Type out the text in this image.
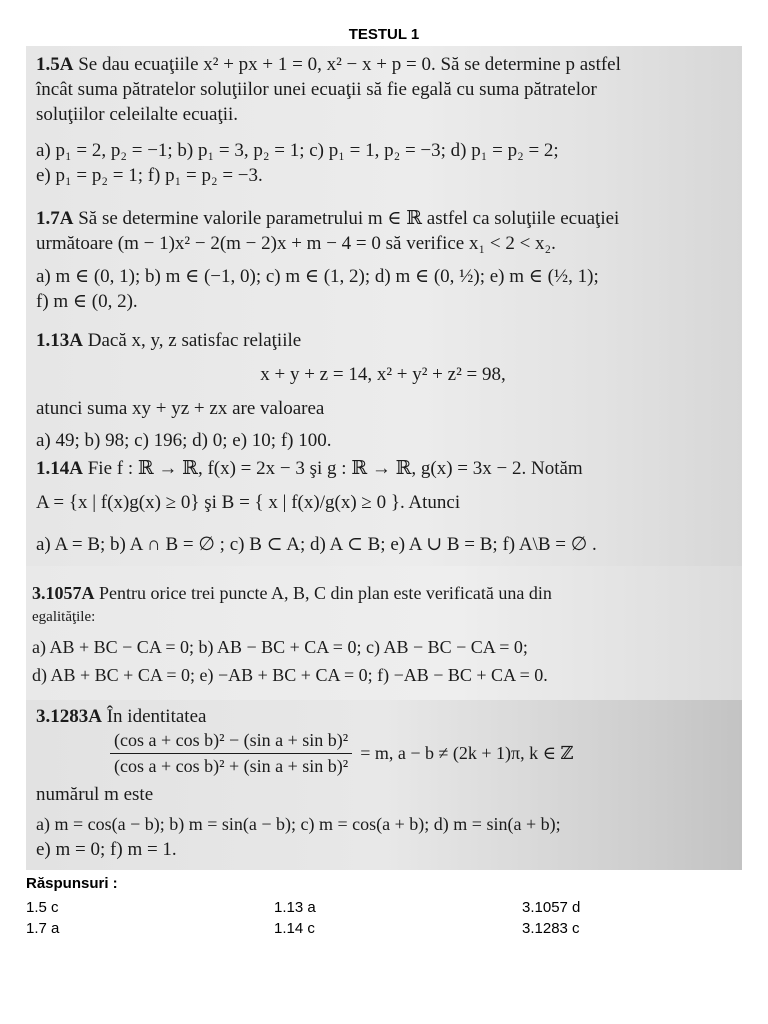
TESTUL 1
1.5A Se dau ecuaţiile x² + px + 1 = 0, x² − x + p = 0. Să se determine p astfel
încât suma pătratelor soluţiilor unei ecuaţii să fie egală cu suma pătratelor
soluţiilor celeilalte ecuaţii.
a) p₁ = 2, p₂ = −1; b) p₁ = 3, p₂ = 1; c) p₁ = 1, p₂ = −3; d) p₁ = p₂ = 2;
e) p₁ = p₂ = 1; f) p₁ = p₂ = −3.
1.7A Să se determine valorile parametrului m ∈ ℝ astfel ca soluţiile ecuaţiei
următoare (m − 1)x² − 2(m − 2)x + m − 4 = 0 să verifice x₁ < 2 < x₂.
a) m ∈ (0, 1); b) m ∈ (−1, 0); c) m ∈ (1, 2); d) m ∈ (0, ½); e) m ∈ (½, 1);
f) m ∈ (0, 2).
1.13A Dacă x, y, z satisfac relaţiile
x + y + z = 14, x² + y² + z² = 98,
atunci suma xy + yz + zx are valoarea
a) 49; b) 98; c) 196; d) 0; e) 10; f) 100.
1.14A Fie f : ℝ → ℝ, f(x) = 2x − 3 şi g : ℝ → ℝ, g(x) = 3x − 2. Notăm
A = {x | f(x)g(x) ≥ 0} şi B = { x | f(x)/g(x) ≥ 0 }. Atunci
a) A = B; b) A ∩ B = ∅ ; c) B ⊂ A; d) A ⊂ B; e) A ∪ B = B; f) A\B = ∅ .
3.1057A Pentru orice trei puncte A, B, C din plan este verificată una din
egalităţile:
a) AB + BC − CA = 0; b) AB − BC + CA = 0; c) AB − BC − CA = 0;
d) AB + BC + CA = 0; e) −AB + BC + CA = 0; f) −AB − BC + CA = 0.
3.1283A În identitatea
(cos a + cos b)² − (sin a + sin b)²
(cos a + cos b)² + (sin a + sin b)²
= m, a − b ≠ (2k + 1)π, k ∈ ℤ
numărul m este
a) m = cos(a − b); b) m = sin(a − b); c) m = cos(a + b); d) m = sin(a + b);
e) m = 0; f) m = 1.
Răspunsuri :
1.5 c	1.13 a	3.1057 d
1.7 a	1.14 c	3.1283 c
